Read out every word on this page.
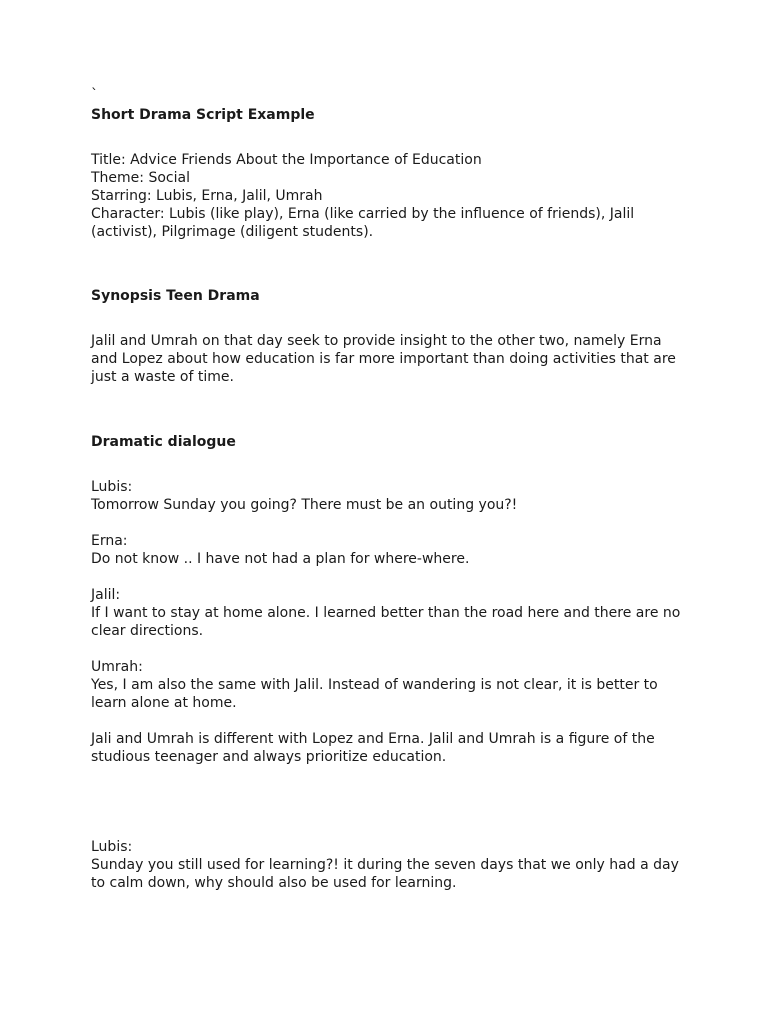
`
Short Drama Script Example
Title: Advice Friends About the Importance of Education
Theme: Social
Starring: Lubis, Erna, Jalil, Umrah
Character: Lubis (like play), Erna (like carried by the influence of friends), Jalil
(activist), Pilgrimage (diligent students).
Synopsis Teen Drama
Jalil and Umrah on that day seek to provide insight to the other two, namely Erna
and Lopez about how education is far more important than doing activities that are
just a waste of time.
Dramatic dialogue
Lubis:
Tomorrow Sunday you going? There must be an outing you?!
Erna:
Do not know .. I have not had a plan for where-where.
Jalil:
If I want to stay at home alone. I learned better than the road here and there are no
clear directions.
Umrah:
Yes, I am also the same with Jalil. Instead of wandering is not clear, it is better to
learn alone at home.
Jali and Umrah is different with Lopez and Erna. Jalil and Umrah is a figure of the
studious teenager and always prioritize education.
Lubis:
Sunday you still used for learning?! it during the seven days that we only had a day
to calm down, why should also be used for learning.
